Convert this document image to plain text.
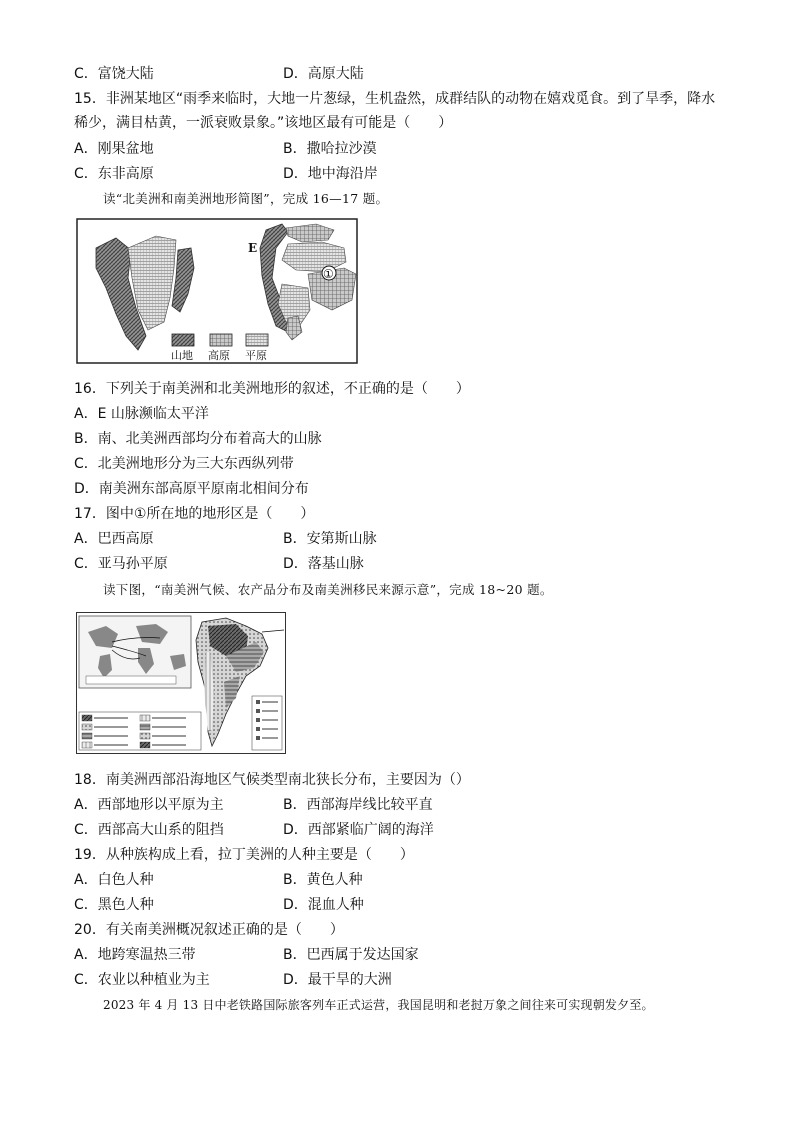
C．富饶大陆	D．高原大陆
15．非洲某地区“雨季来临时，大地一片葱绿，生机盎然，成群结队的动物在嬉戏觅食。到了旱季，降水
稀少，满目枯黄，一派衰败景象。”该地区最有可能是（　　）
A．刚果盆地	B．撒哈拉沙漠
C．东非高原	D．地中海沿岸
读“北美洲和南美洲地形简图”，完成 16—17 题。
E
①
山地 高原 平原
16．下列关于南美洲和北美洲地形的叙述，不正确的是（　　）
A．E 山脉濒临太平洋
B．南、北美洲西部均分布着高大的山脉
C．北美洲地形分为三大东西纵列带
D．南美洲东部高原平原南北相间分布
17．图中①所在地的地形区是（　　）
A．巴西高原	B．安第斯山脉
C．亚马孙平原	D．落基山脉
读下图，“南美洲气候、农产品分布及南美洲移民来源示意”，完成 18~20 题。
18．南美洲西部沿海地区气候类型南北狭长分布，主要因为（）
A．西部地形以平原为主	B．西部海岸线比较平直
C．西部高大山系的阻挡	D．西部紧临广阔的海洋
19．从种族构成上看，拉丁美洲的人种主要是（　　）
A．白色人种	B．黄色人种
C．黑色人种	D．混血人种
20．有关南美洲概况叙述正确的是（　　）
A．地跨寒温热三带	B．巴西属于发达国家
C．农业以种植业为主	D．最干旱的大洲
2023 年 4 月 13 日中老铁路国际旅客列车正式运营，我国昆明和老挝万象之间往来可实现朝发夕至。
